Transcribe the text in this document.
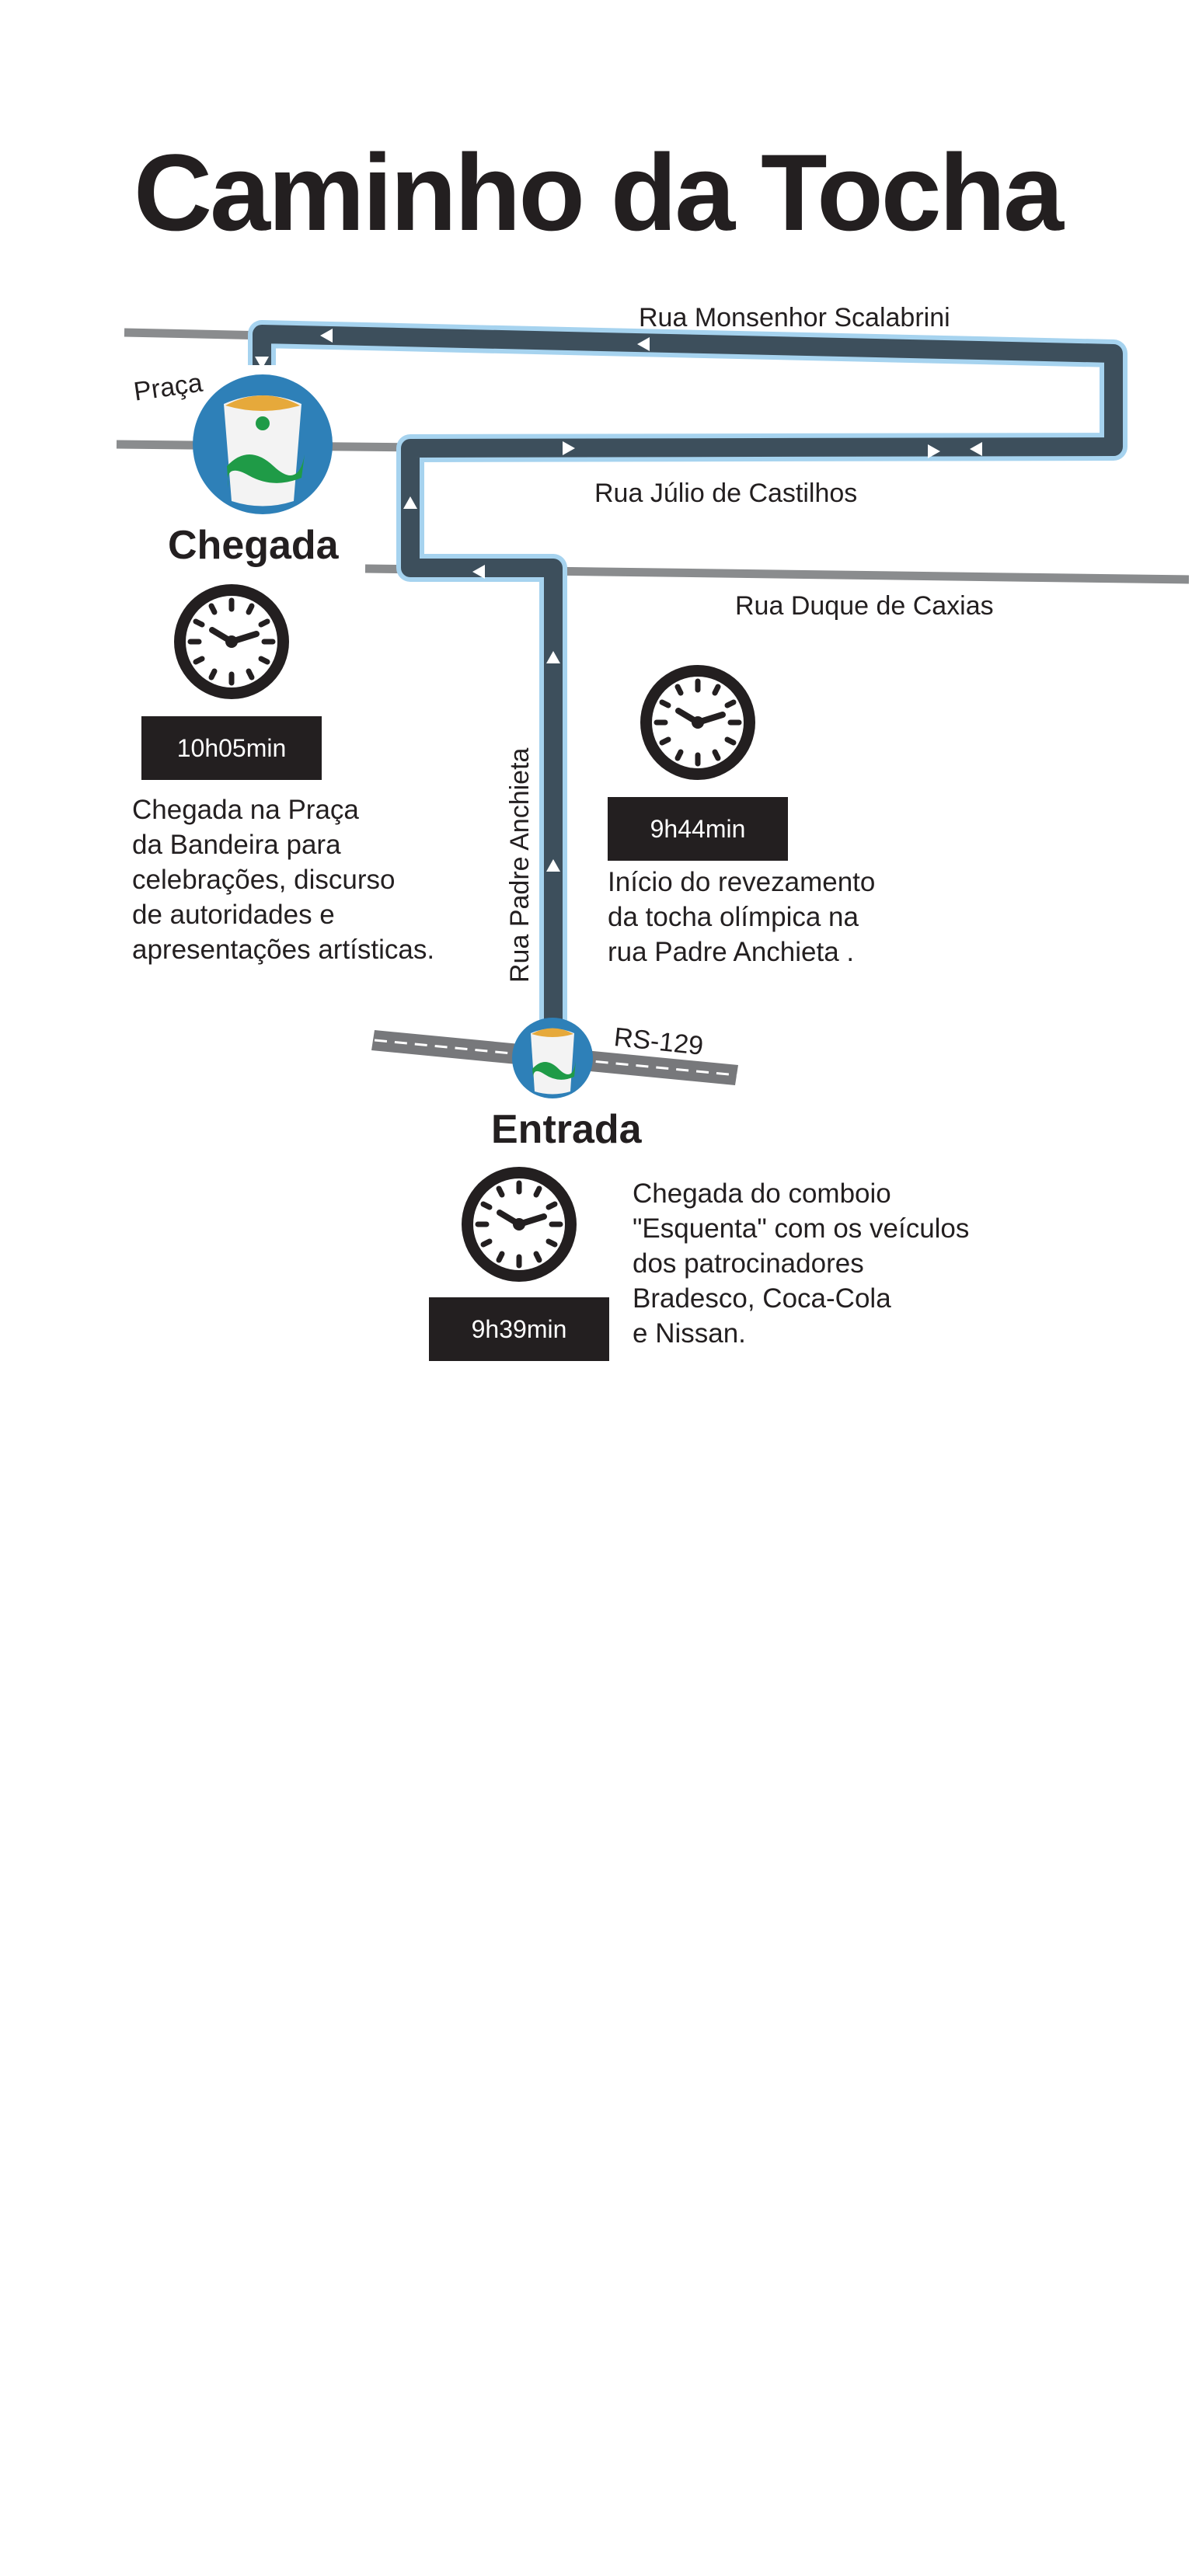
Caminho da Tocha
Rua Monsenhor Scalabrini
Praça
Rua Júlio de Castilhos
Rua Duque de Caxias
Rua Padre Anchieta
RS-129
Chegada
10h05min
Chegada na Praça
da Bandeira para
celebrações, discurso
de autoridades e
apresentações artísticas.
9h44min
Início do revezamento
da tocha olímpica na
rua Padre Anchieta .
Entrada
9h39min
Chegada do comboio
"Esquenta" com os veículos
dos patrocinadores
Bradesco, Coca-Cola
e Nissan.
